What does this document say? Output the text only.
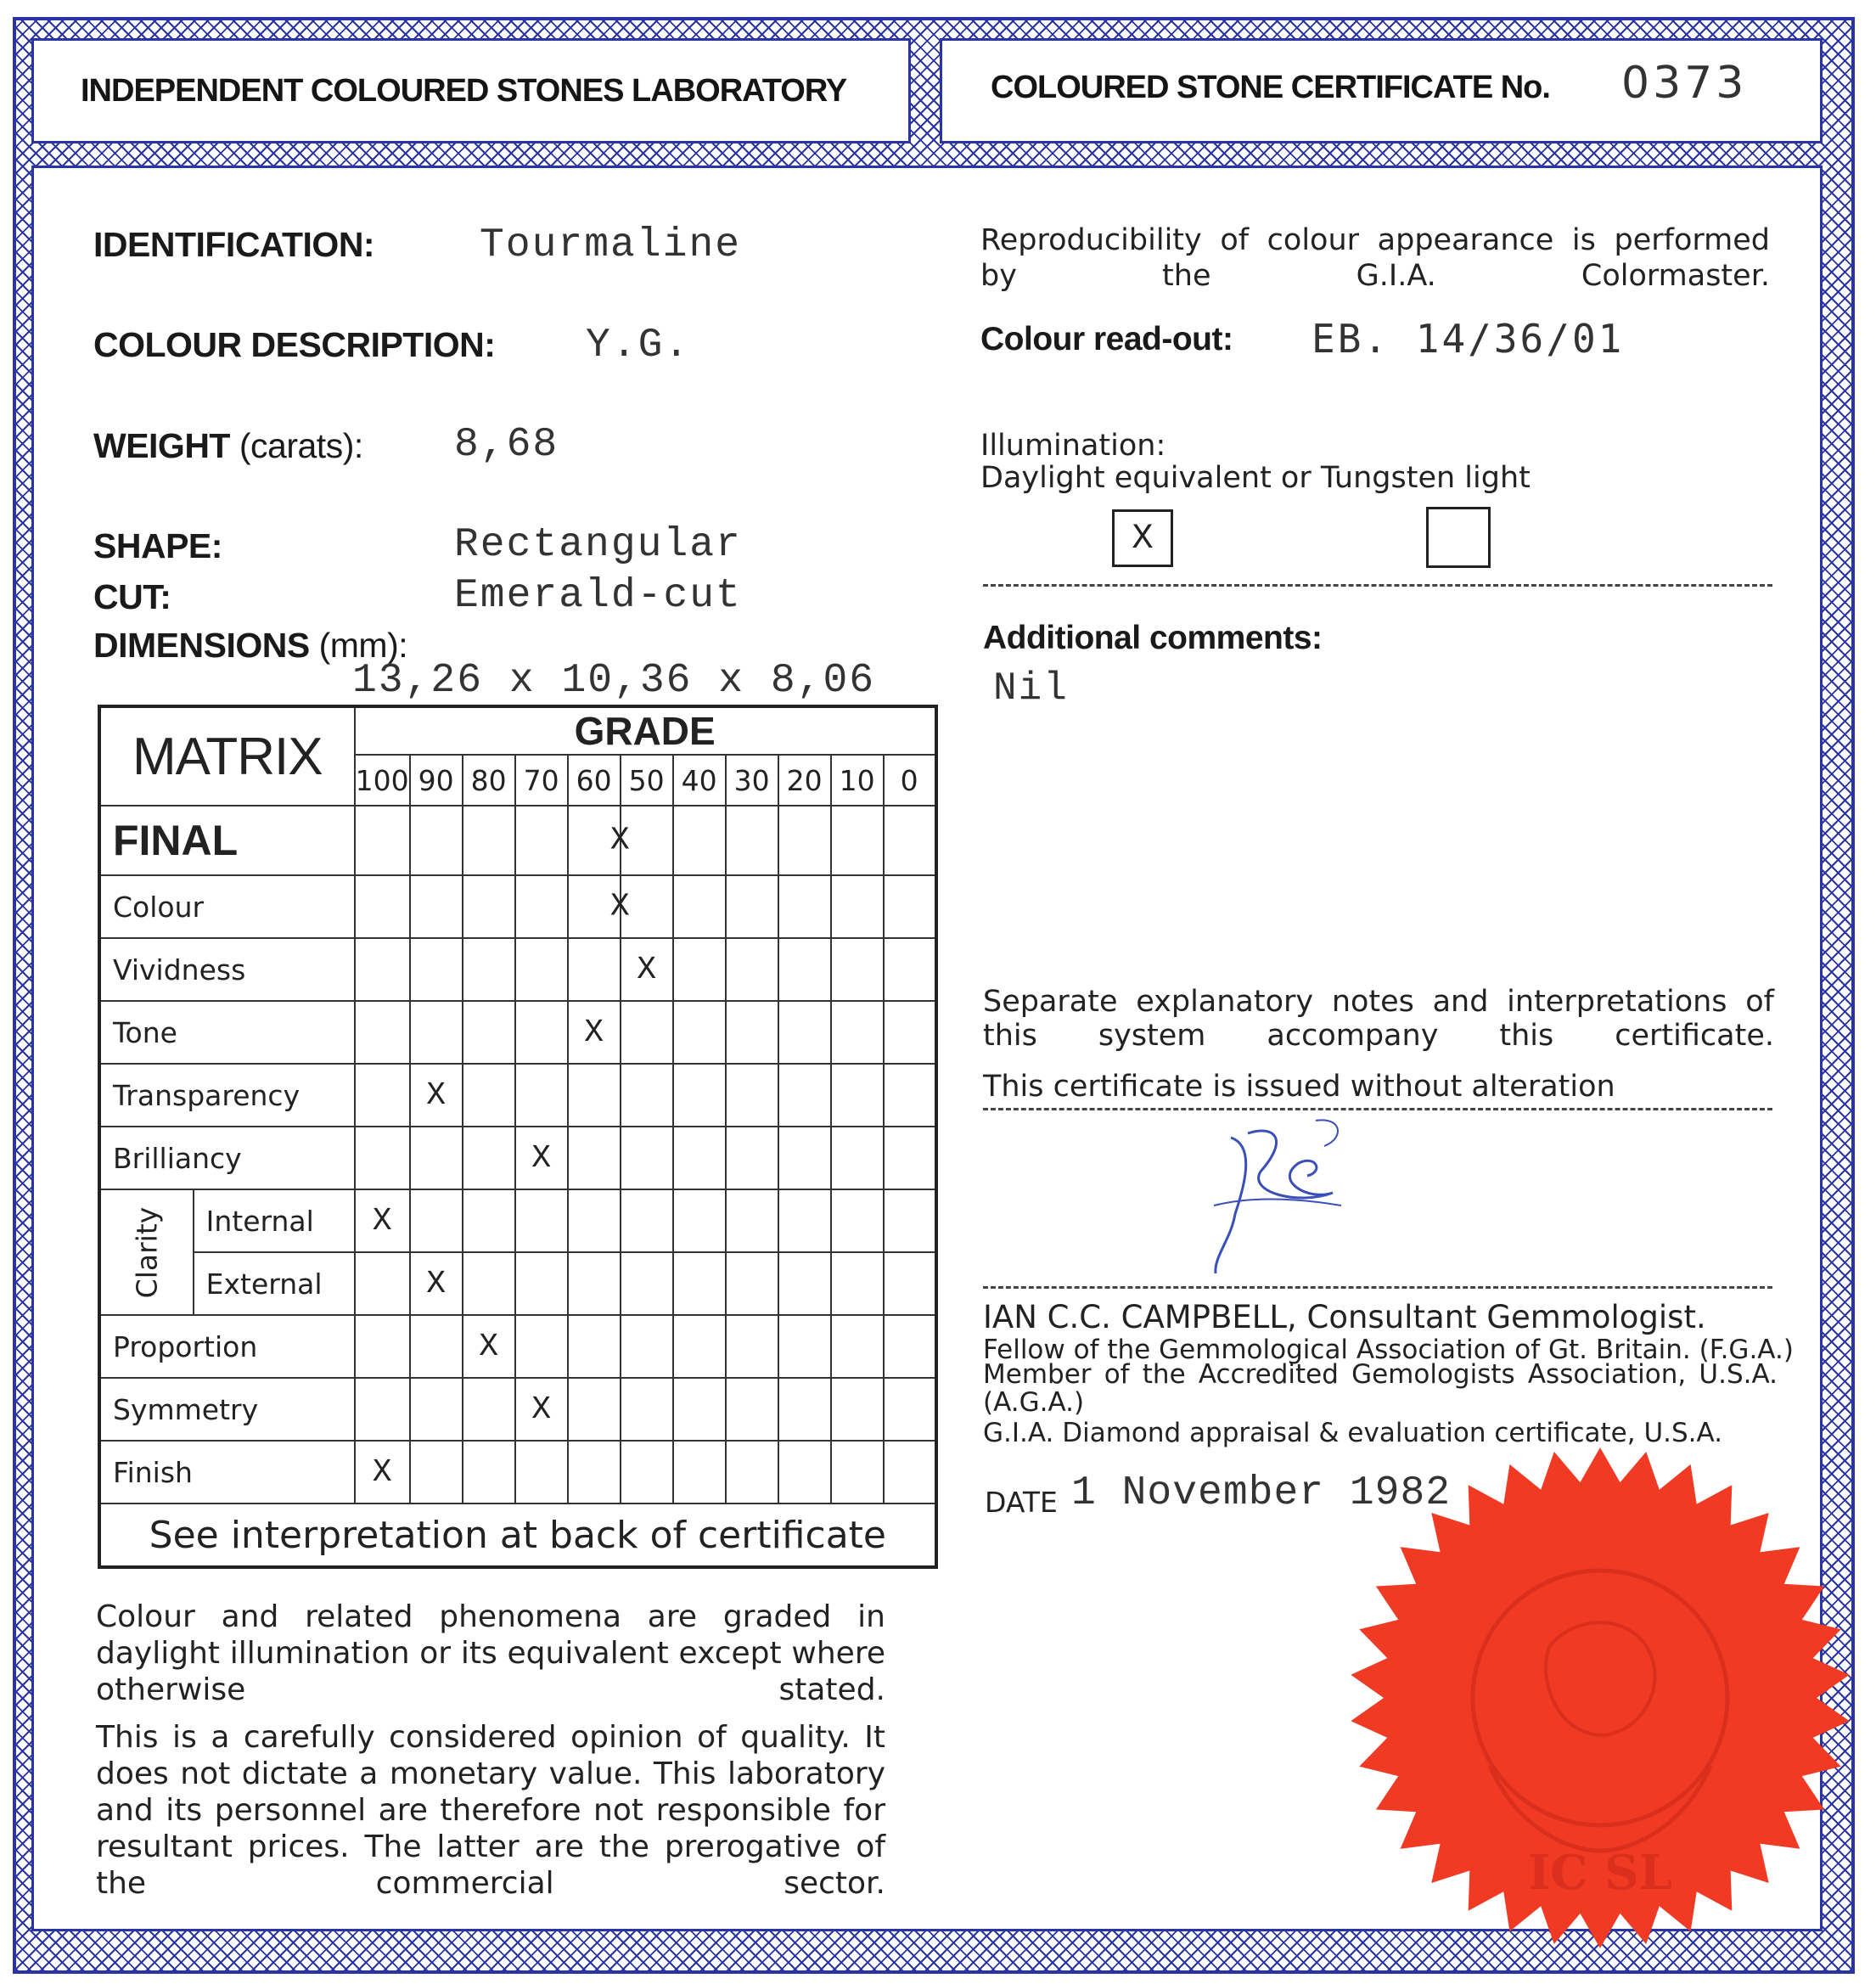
INDEPENDENT COLOURED STONES LABORATORY	COLOURED STONE CERTIFICATE No. 0373
IDENTIFICATION:	Tourmaline
COLOUR DESCRIPTION: Y.G.
WEIGHT (carats): 8,68
SHAPE:	Rectangular
CUT:	Emerald-cut
DIMENSIONS (mm):
13,26 x 10,36 x 8,06
MATRIX		GRADE										
		100	90	80	70	60	50	40	30	20	10	0
FINAL						X						

Colour						X						

Vividness							X					
Tone						X						
Transparency			X									
Brilliancy					X							

Clarity	Internal	X										
	External		X									
Proportion				X								
Symmetry					X							
Finish		X										
See interpretation at back of certificate												
Colour and related phenomena are graded in daylight illumination or its equivalent except where otherwise stated.
This is a carefully considered opinion of quality. It does not dictate a monetary value. This laboratory and its personnel are therefore not responsible for resultant prices. The latter are the prerogative of the commercial sector.
Reproducibility of colour appearance is performed by the G.I.A. Colormaster.
Colour read-out: EB. 14/36/01
Illumination:
Daylight equivalent or Tungsten light
X
Additional comments:
Nil
Separate explanatory notes and interpretations of this system accompany this certificate.
This certificate is issued without alteration
IAN C.C. CAMPBELL, Consultant Gemmologist.
Fellow of the Gemmological Association of Gt. Britain. (F.G.A.)
Member of the Accredited Gemologists Association, U.S.A. (A.G.A.)
G.I.A. Diamond appraisal & evaluation certificate, U.S.A.
DATE 1 November 1982
IC SL
